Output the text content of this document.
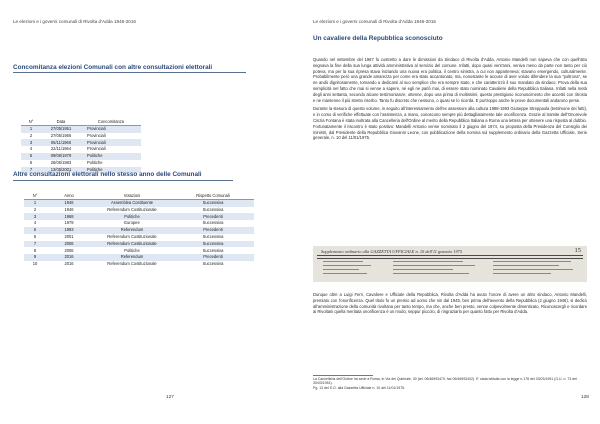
Le elezioni e i governi comunali di Rivolta d'Adda 1946-2016
Concomitanza elezioni Comunali con altre consultazioni elettorali
N°	Data	Concomitanza
1	27/05/1951	Provinciali
2	27/05/1956	Provinciali
3	06/11/1960	Provinciali
4	22/11/1964	Provinciali
5	09/06/1979	Politiche
6	26/06/1983	Politiche
7	13/05/2001	Politiche
Altre consultazioni elettorali nello stesso anno delle Comunali
N°	Anno	Votazioni	Rispetto Comunali
1	1946	Assemblea Costituente	Successiva
2	1946	Referendum Costituzionale	Successiva
3	1968	Politiche	Precedenti
4	1979	Europee	Successiva
5	1993	Referendum	Precedenti
6	2001	Referendum Costituzionale	Successiva
7	2006	Referendum Costituzionale	Successiva
8	2006	Politiche	Successiva
9	2016	Referendum	Precedenti
10	2016	Referendum Costituzionale	Successiva
127
Le elezioni e i governi comunali di Rivolta d'Adda 1946-2016
Un cavaliere della Repubblica sconosciuto

Quando nel settembre del 1967 fu costretto a dare le dimissioni da Sindaco di Rivolta d'Adda, Antonio Mandelli non sapeva che con quell'atto segnava la fine della sua lunga attività amministrativa al servizio del comune. Infatti, dopo quasi vent'anni, veniva meno da parte non tanto per ciò poteva, ma per la sua ripresa stava iniziando una nuova era politica, il centro sinistra, a cui non apparteneva; stavano emergendo, culturalmente. Probabilmente però una grande amarezza per come era stato accantonato, ma, nonostante le accuse di aver voluto difendere la sua "poltrona", se ne andò dignitosamente, tornando a dedicarsi al suo semplice che era sempre stato, e che caratterizzò il suo mandato da sindaco. Prova della sua semplicità nel fatto che mai si venne a sapere, né egli ne parlò mai, di essere stato nominato Cavaliere della Repubblica Italiana. Infatti nella metà degli anni settanta, secondo alcune testimonianze, ottenne, dopo una prima di moltissimi, questo prestigioso riconoscimento che accettò con ritrosia e ne mantenne il più stretto riserbo. Tanto fu discreto che nessuno, o quasi se lo ricorda. E purtroppo anche le prove documentali andarono perse.

Durante la stesura di questo volume, in seguito all'interessamento dell'ex assessore alla cultura 1988-1993 Giuseppe Streppaola (testimone dei fatti), e in corso di verifiche effettuate con l'assistenza, a mano, conoscono sempre più dettagliatamente tale onorificenza. Grazie al tramite dell'Onorevole Cinzia Fontana è stata inoltrata alla Cancelleria dell'Ordine al merito della Repubblica Italiana a Roma una lettera per ottenere una risposta al dubbio. Fortunatamente il riscontro è stato positivo: Mandelli Antonio venne nominato il 2 giugno del 1974, su proposta della Presidenza del Consiglio dei ministri, dal Presidente della Repubblica Giovanni Leone, con pubblicazione della nomina sul supplemento ordinario della Gazzetta Ufficiale, Serie generale, n. 10 del 11/01/1975.

Supplemento ordinario alla GAZZETTA UFFICIALE n. 10 dell'11 gennaio 1975	15

Dunque oltre a Luigi Ferri, Cavaliere e Ufficiale della Repubblica, Rivolta d'Adda ha avuto l'onore di avere un altro sindaco, Antonio Mandelli, premiato con l'onorificenza. Quel titolo fu un premio ad uomo che sin dal 1945, ben prima dell'avvento della Repubblica (2 giugno 1946), si dedicò all'amministrazione della comunità rivoltana per tanto tempo, ma che, anche ben presto, venne colpevolmente dimenticato. Riconoscergli e ricordare ai Rivoltani quella meritata onorificenza è un modo, seppur piccolo, di ringraziarlo per quanto fatto per Rivolta d'Adda.

La Cancelleria dell'Ordine ha sede a Roma, in Via dei Quirinale, 30 (tel. 06/46993479, fax 06/46993402). E' stata istituita con la legge n.178 del 03/03/1951 (G.U. n. 73 del 30/03/1951).

Pg. 13 del S.O. alla Gazzetta Ufficiale n. 10 del 11/01/1975.

128
